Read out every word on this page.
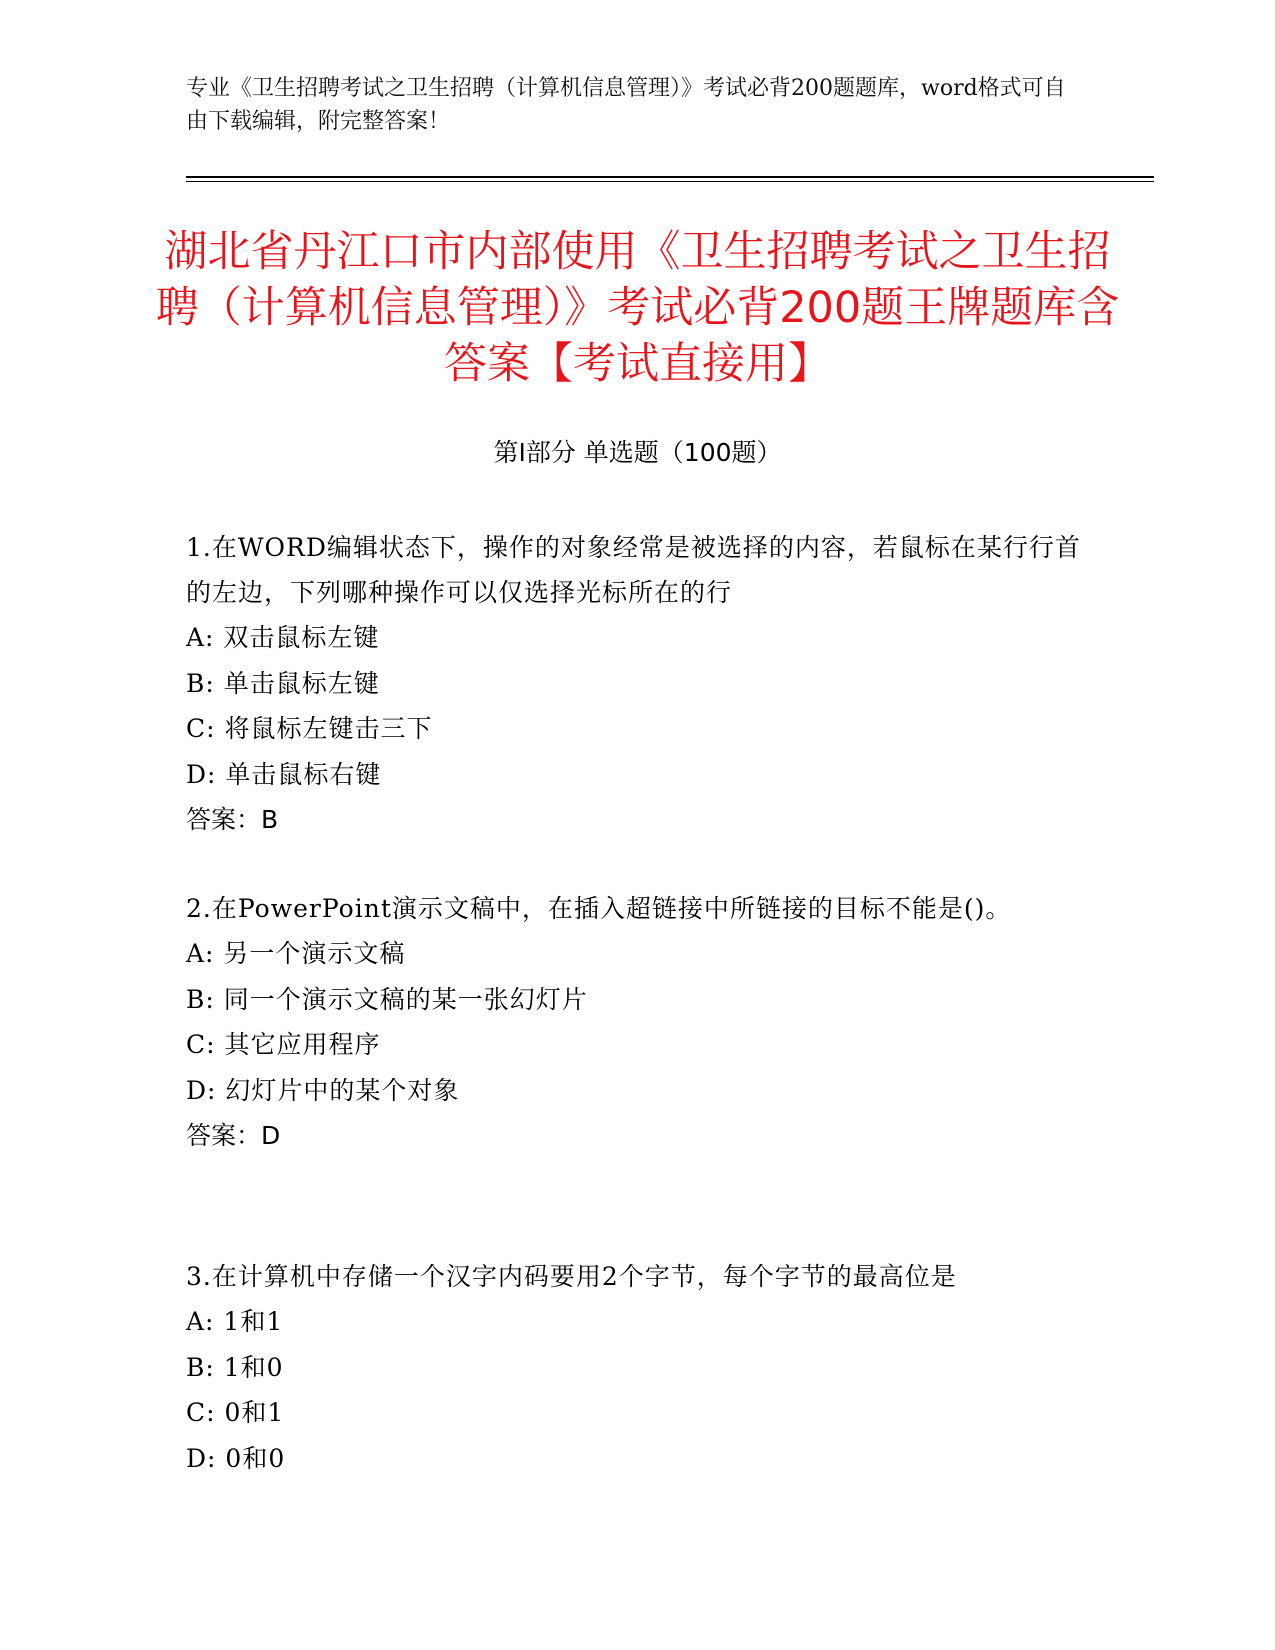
专业《卫生招聘考试之卫生招聘（计算机信息管理）》考试必背200题题库，word格式可自由下载编辑，附完整答案！
湖北省丹江口市内部使用《卫生招聘考试之卫生招聘（计算机信息管理）》考试必背200题王牌题库含答案【考试直接用】
第I部分 单选题（100题）
1.在WORD编辑状态下，操作的对象经常是被选择的内容，若鼠标在某行行首的左边，下列哪种操作可以仅选择光标所在的行
A: 双击鼠标左键
B: 单击鼠标左键
C: 将鼠标左键击三下
D: 单击鼠标右键
答案：B
2.在PowerPoint演示文稿中，在插入超链接中所链接的目标不能是()。
A: 另一个演示文稿
B: 同一个演示文稿的某一张幻灯片
C: 其它应用程序
D: 幻灯片中的某个对象
答案：D
3.在计算机中存储一个汉字内码要用2个字节，每个字节的最高位是
A: 1和1
B: 1和0
C: 0和1
D: 0和0
